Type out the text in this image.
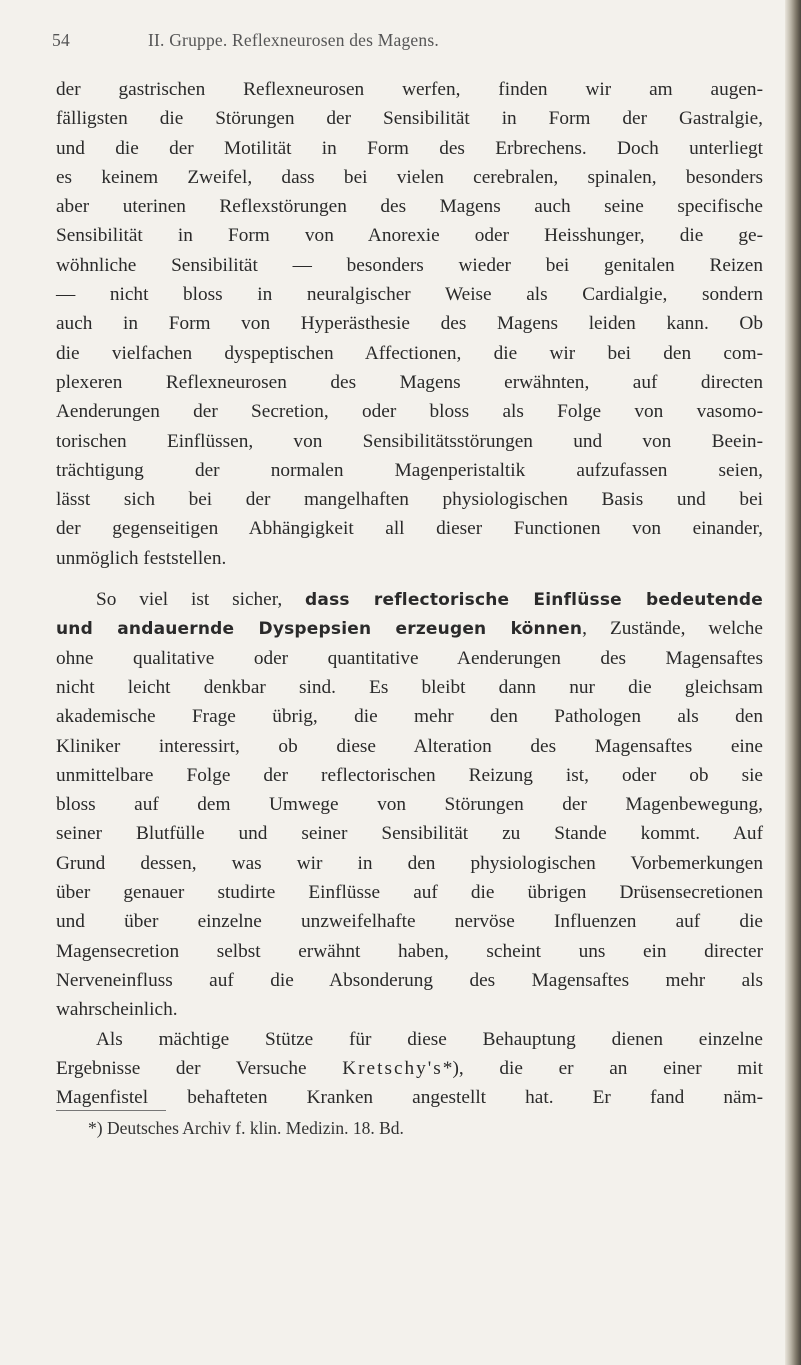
54	II. Gruppe. Reflexneurosen des Magens.
der gastrischen Reflexneurosen werfen, finden wir am augen-
fälligsten die Störungen der Sensibilität in Form der Gastralgie,
und die der Motilität in Form des Erbrechens. Doch unterliegt
es keinem Zweifel, dass bei vielen cerebralen, spinalen, besonders
aber uterinen Reflexstörungen des Magens auch seine specifische
Sensibilität in Form von Anorexie oder Heisshunger, die ge-
wöhnliche Sensibilität — besonders wieder bei genitalen Reizen
— nicht bloss in neuralgischer Weise als Cardialgie, sondern
auch in Form von Hyperästhesie des Magens leiden kann. Ob
die vielfachen dyspeptischen Affectionen, die wir bei den com-
plexeren Reflexneurosen des Magens erwähnten, auf directen
Aenderungen der Secretion, oder bloss als Folge von vasomo-
torischen Einflüssen, von Sensibilitätsstörungen und von Beein-
trächtigung der normalen Magenperistaltik aufzufassen seien,
lässt sich bei der mangelhaften physiologischen Basis und bei
der gegenseitigen Abhängigkeit all dieser Functionen von einander,
unmöglich feststellen.
So viel ist sicher, dass reflectorische Einflüsse bedeutende
und andauernde Dyspepsien erzeugen können, Zustände, welche
ohne qualitative oder quantitative Aenderungen des Magensaftes
nicht leicht denkbar sind. Es bleibt dann nur die gleichsam
akademische Frage übrig, die mehr den Pathologen als den
Kliniker interessirt, ob diese Alteration des Magensaftes eine
unmittelbare Folge der reflectorischen Reizung ist, oder ob sie
bloss auf dem Umwege von Störungen der Magenbewegung,
seiner Blutfülle und seiner Sensibilität zu Stande kommt. Auf
Grund dessen, was wir in den physiologischen Vorbemerkungen
über genauer studirte Einflüsse auf die übrigen Drüsensecretionen
und über einzelne unzweifelhafte nervöse Influenzen auf die
Magensecretion selbst erwähnt haben, scheint uns ein directer
Nerveneinfluss auf die Absonderung des Magensaftes mehr als
wahrscheinlich.
Als mächtige Stütze für diese Behauptung dienen einzelne
Ergebnisse der Versuche Kretschy's*), die er an einer mit
Magenfistel behafteten Kranken angestellt hat. Er fand näm-
*) Deutsches Archiv f. klin. Medizin. 18. Bd.
